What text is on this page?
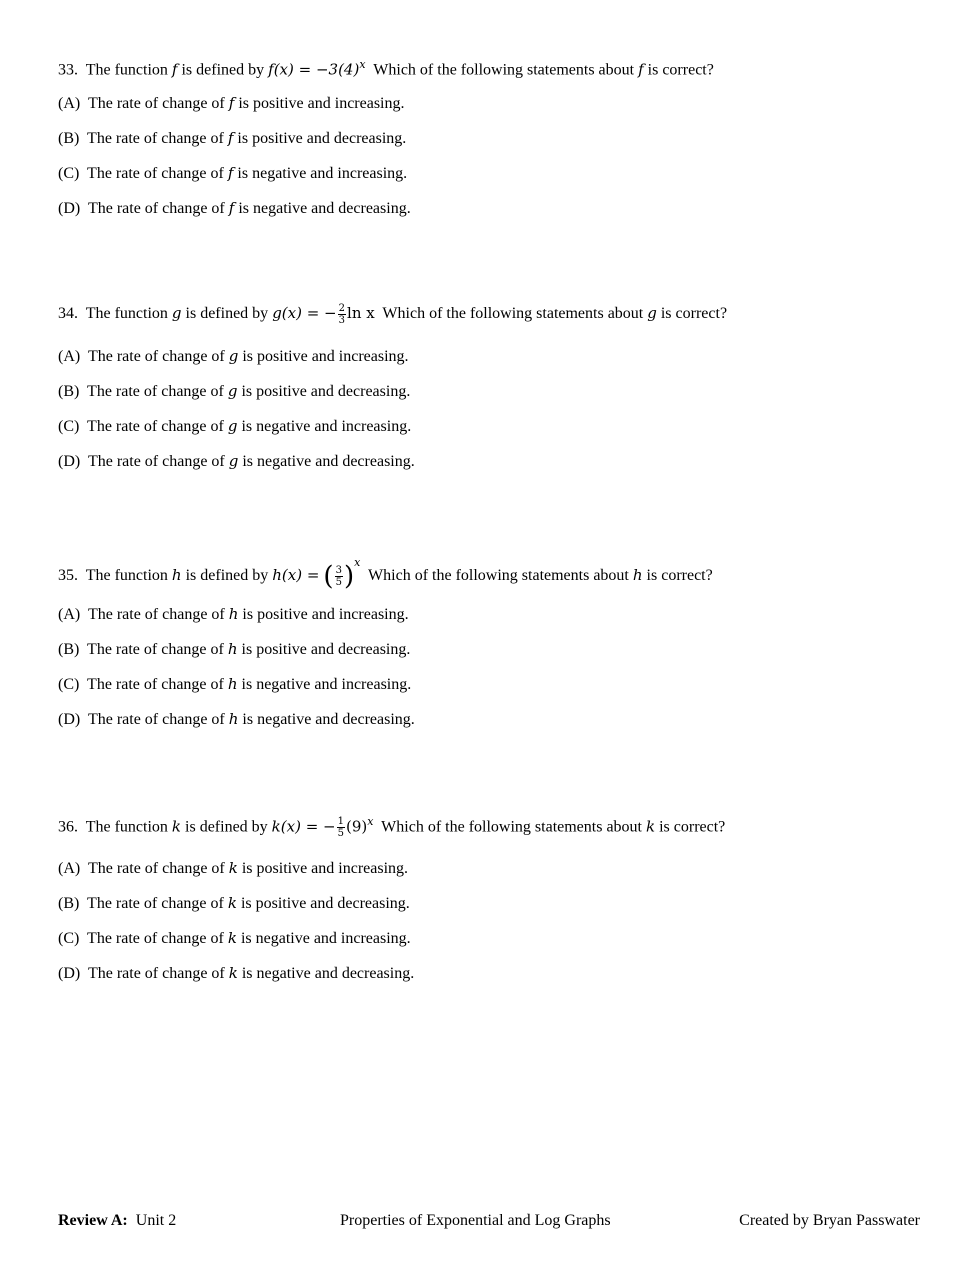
33. The function f is defined by $f(x) = -3(4)^x$ Which of the following statements about f is correct?
(A) The rate of change of f is positive and increasing.
(B) The rate of change of f is positive and decreasing.
(C) The rate of change of f is negative and increasing.
(D) The rate of change of f is negative and decreasing.
34. The function g is defined by g(x) = − $\frac{2}{3}$ ln x Which of the following statements about g is correct?
(A) The rate of change of g is positive and increasing.
(B) The rate of change of g is positive and decreasing.
(C) The rate of change of g is negative and increasing.
(D) The rate of change of g is negative and decreasing.
35. The function h is defined by h(x) = ( $\frac{3}{5} )^x$  Which of the following statements about h is correct?
(A) The rate of change of h is positive and increasing.
(B) The rate of change of h is positive and decreasing.
(C) The rate of change of h is negative and increasing.
(D) The rate of change of h is negative and decreasing.
36. The function k is defined by k(x) = − $\frac{1}{5} (9)^x$ Which of the following statements about k is correct?
(A) The rate of change of k is positive and increasing.
(B) The rate of change of k is positive and decreasing.
(C) The rate of change of k is negative and increasing.
(D) The rate of change of k is negative and decreasing.
Review A: Unit 2	Properties of Exponential and Log Graphs	Created by Bryan Passwater
